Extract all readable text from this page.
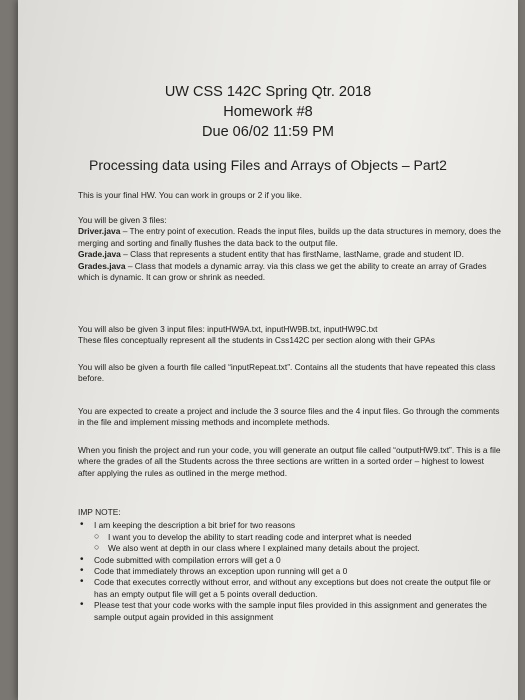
UW CSS 142C Spring Qtr. 2018
Homework #8
Due 06/02 11:59 PM
Processing data using Files and Arrays of Objects – Part2
This is your final HW. You can work in groups or 2 if you like.
You will be given 3 files:
Driver.java – The entry point of execution. Reads the input files, builds up the data structures in memory, does the merging and sorting and finally flushes the data back to the output file.
Grade.java – Class that represents a student entity that has firstName, lastName, grade and student ID.
Grades.java – Class that models a dynamic array. via this class we get the ability to create an array of Grades which is dynamic. It can grow or shrink as needed.
You will also be given 3 input files: inputHW9A.txt, inputHW9B.txt, inputHW9C.txt
These files conceptually represent all the students in Css142C per section along with their GPAs
You will also be given a fourth file called “inputRepeat.txt”. Contains all the students that have repeated this class before.
You are expected to create a project and include the 3 source files and the 4 input files. Go through the comments in the file and implement missing methods and incomplete methods.
When you finish the project and run your code, you will generate an output file called “outputHW9.txt”. This is a file where the grades of all the Students across the three sections are written in a sorted order – highest to lowest after applying the rules as outlined in the merge method.
IMP NOTE:
• I am keeping the description a bit brief for two reasons
○ I want you to develop the ability to start reading code and interpret what is needed
○ We also went at depth in our class where I explained many details about the project.
• Code submitted with compilation errors will get a 0
• Code that immediately throws an exception upon running will get a 0
• Code that executes correctly without error, and without any exceptions but does not create the output file or has an empty output file will get a 5 points overall deduction.
• Please test that your code works with the sample input files provided in this assignment and generates the sample output again provided in this assignment
